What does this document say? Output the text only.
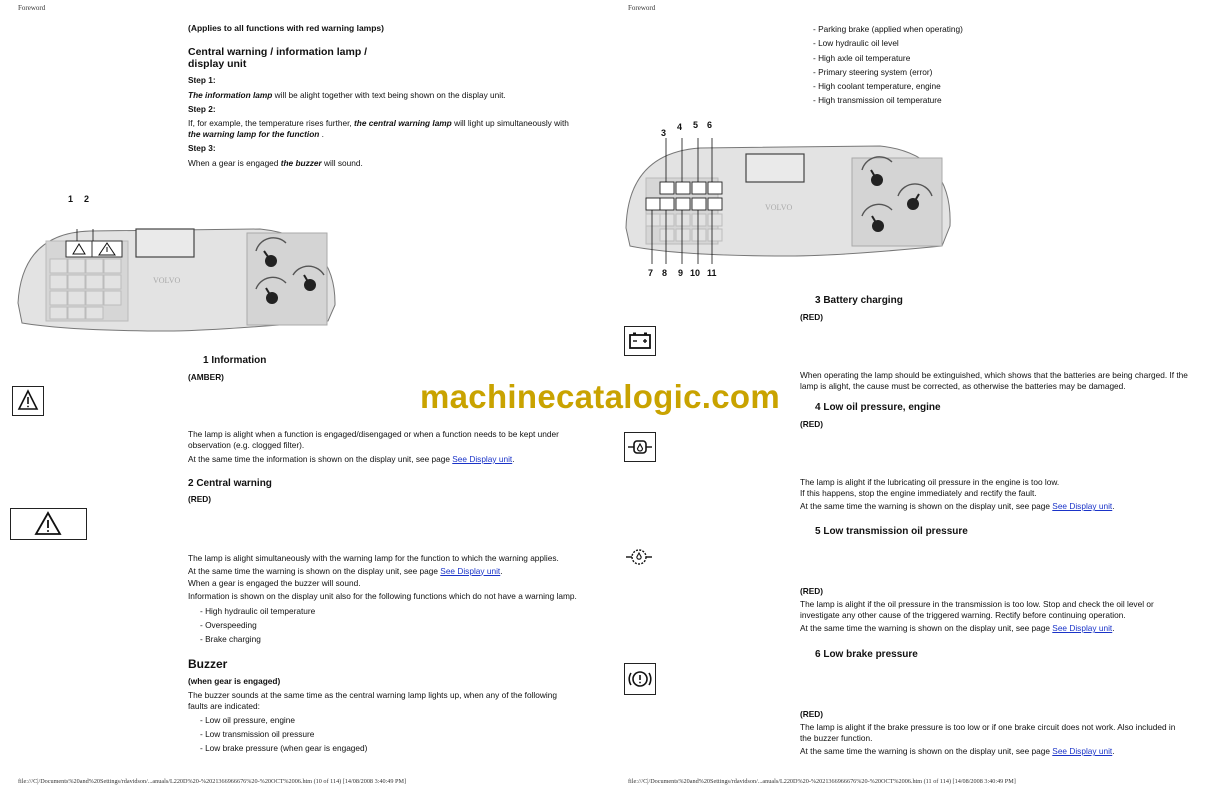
Foreword
(Applies to all functions with red warning lamps)
Central warning / information lamp /
display unit
Step 1:
The information lamp will be alight together with text being shown on the display unit.
Step 2:
If, for example, the temperature rises further, the central warning lamp will light up simultaneously with
the warning lamp for the function .
Step 3:
When a gear is engaged the buzzer will sound.
VOLVO
1 2
1 Information
(AMBER)
The lamp is alight when a function is engaged/disengaged or when a function needs to be kept under
observation (e.g. clogged filter).
At the same time the information is shown on the display unit, see page See Display unit.
2 Central warning
(RED)
The lamp is alight simultaneously with the warning lamp for the function to which the warning applies.
At the same time the warning is shown on the display unit, see page See Display unit.
When a gear is engaged the buzzer will sound.
Information is shown on the display unit also for the following functions which do not have a warning lamp.
- High hydraulic oil temperature
- Overspeeding
- Brake charging
Buzzer
(when gear is engaged)
The buzzer sounds at the same time as the central warning lamp lights up, when any of the following
faults are indicated:
- Low oil pressure, engine
- Low transmission oil pressure
- Low brake pressure (when gear is engaged)
file:///C|/Documents%20and%20Settings/rdavidson/...anuals/L220D%20-%2021366966676%20-%20OCT%2006.htm (10 of 114) [14/08/2008 3:40:49 PM]
Foreword
- Parking brake (applied when operating)
- Low hydraulic oil level
- High axle oil temperature
- Primary steering system (error)
- High coolant temperature, engine
- High transmission oil temperature
VOLVO
3
4 5 6
7 8 9 10 11
3 Battery charging
(RED)
When operating the lamp should be extinguished, which shows that the batteries are being charged. If the
lamp is alight, the cause must be corrected, as otherwise the batteries may be damaged.
4 Low oil pressure, engine
(RED)
The lamp is alight if the lubricating oil pressure in the engine is too low.
If this happens, stop the engine immediately and rectify the fault.
At the same time the warning is shown on the display unit, see page See Display unit.
5 Low transmission oil pressure
(RED)
The lamp is alight if the oil pressure in the transmission is too low. Stop and check the oil level or
investigate any other cause of the triggered warning. Rectify before continuing operation.
At the same time the warning is shown on the display unit, see page See Display unit.
6 Low brake pressure
(RED)
The lamp is alight if the brake pressure is too low or if one brake circuit does not work. Also included in
the buzzer function.
At the same time the warning is shown on the display unit, see page See Display unit.
file:///C|/Documents%20and%20Settings/rdavidson/...anuals/L220D%20-%2021366966676%20-%20OCT%2006.htm (11 of 114) [14/08/2008 3:40:49 PM]
machinecatalogic.com
